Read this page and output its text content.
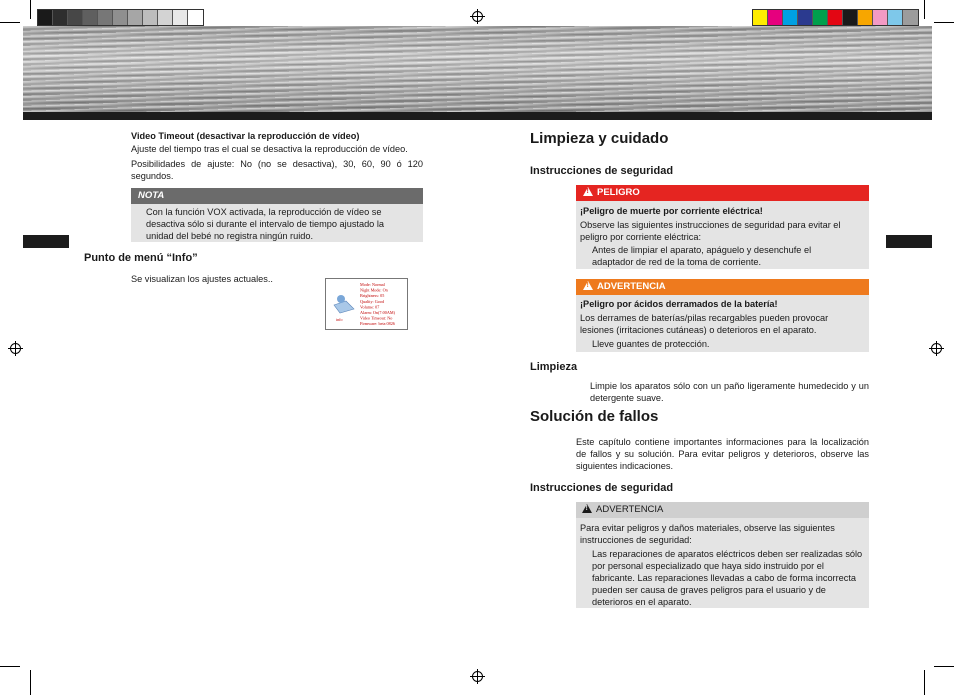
Video Timeout (desactivar la reproducción de vídeo)
Ajuste del tiempo tras el cual se desactiva la reproducción de vídeo.
Posibilidades de ajuste: No (no se desactiva), 30, 60, 90 ó 120 segundos.
NOTA
Con la función VOX activada, la reproducción de vídeo se desactiva sólo si durante el intervalo de tiempo ajustado la unidad del bebé no registra ningún ruido.
Punto de menú “Info”
Se visualizan los ajustes actuales..
info
Mode: Normal
Night Mode: On
Brightness: 05
Quality: Good
Volume: 07
Alarm: On(7:00AM)
Video Timeout: No
Firmware: beta 0826
Limpieza y cuidado
Instrucciones de seguridad
!PELIGRO
¡Peligro de muerte por corriente eléctrica!
Observe las siguientes instrucciones de seguridad para evitar el peligro por corriente eléctrica:
Antes de limpiar el aparato, apáguelo y desenchufe el adaptador de red de la toma de corriente.
!ADVERTENCIA
¡Peligro por ácidos derramados de la batería!
Los derrames de baterías/pilas recargables pueden provocar lesiones (irritaciones cutáneas) o deterioros en el aparato.
Lleve guantes de protección.
Limpieza
Limpie los aparatos sólo con un paño ligeramente humedecido y un detergente suave.
Solución de fallos
Este capítulo contiene importantes informaciones para la localización de fallos y su solución. Para evitar peligros y deterioros, observe las siguientes indicaciones.
Instrucciones de seguridad
!ADVERTENCIA
Para evitar peligros y daños materiales, observe las siguientes instrucciones de seguridad:
Las reparaciones de aparatos eléctricos deben ser realizadas sólo por personal especializado que haya sido instruido por el fabricante. Las reparaciones llevadas a cabo de forma incorrecta pueden ser causa de graves peligros para el usuario y de deterioros en el aparato.
